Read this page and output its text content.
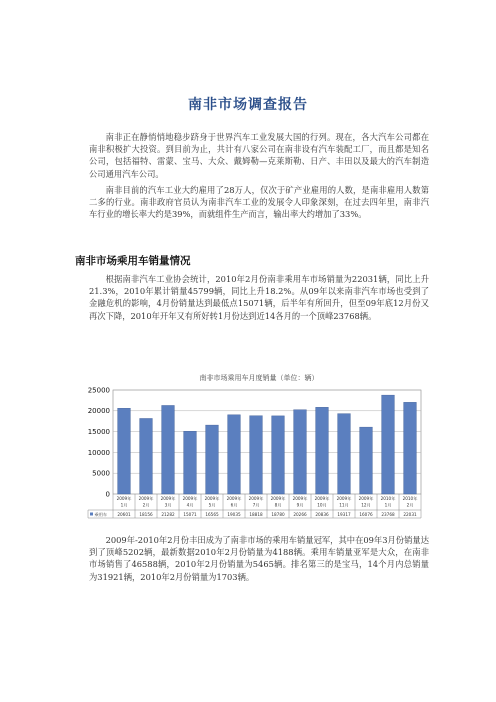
南非市场调查报告

南非正在静悄悄地稳步跻身于世界汽车工业发展大国的行列。现在，各大汽车公司都在南非积极扩大投资。到目前为止，共计有八家公司在南非设有汽车装配工厂，而且都是知名公司，包括福特、雷蒙、宝马、大众、戴姆勒—克莱斯勒、日产、丰田以及最大的汽车制造公司通用汽车公司。

南非目前的汽车工业大约雇用了28万人，仅次于矿产业雇用的人数，是南非雇用人数第二多的行业。南非政府官员认为南非汽车工业的发展令人印象深刻，在过去四年里，南非汽车行业的增长率大约是39%，而就组件生产而言，输出率大约增加了33%。

南非市场乘用车销量情况

根据南非汽车工业协会统计，2010年2月份南非乘用车市场销量为22031辆，同比上升21.3%，2010年累计销量45799辆，同比上升18.2%。从09年以来南非汽车市场也受到了金融危机的影响，4月份销量达到最低点15071辆，后半年有所回升，但至09年底12月份又再次下降，2010年开年又有所好转1月份达到近14各月的一个顶峰23768辆。

南非市场乘用车月度销量（单位：辆）
0
5000
10000
15000
20000
25000
2009年
1月
20601
2009年
2月
18156
2009年
3月
21282
2009年
4月
15071
2009年
5月
16565
2009年
6月
19035
2009年
7月
18818
2009年
8月
18780
2009年
9月
20266
2009年
10月
20836
2009年
11月
19317
2009年
12月
16076
2010年
1月
23768
2010年
2月
22031
乘用车

2009年-2010年2月份丰田成为了南非市场的乘用车销量冠军，其中在09年3月份销量达到了顶峰5202辆，最新数据2010年2月份销量为4188辆。乘用车销量亚军是大众，在南非市场销售了46588辆，2010年2月份销量为5465辆。排名第三的是宝马，14个月内总销量为31921辆，2010年2月份销量为1703辆。
